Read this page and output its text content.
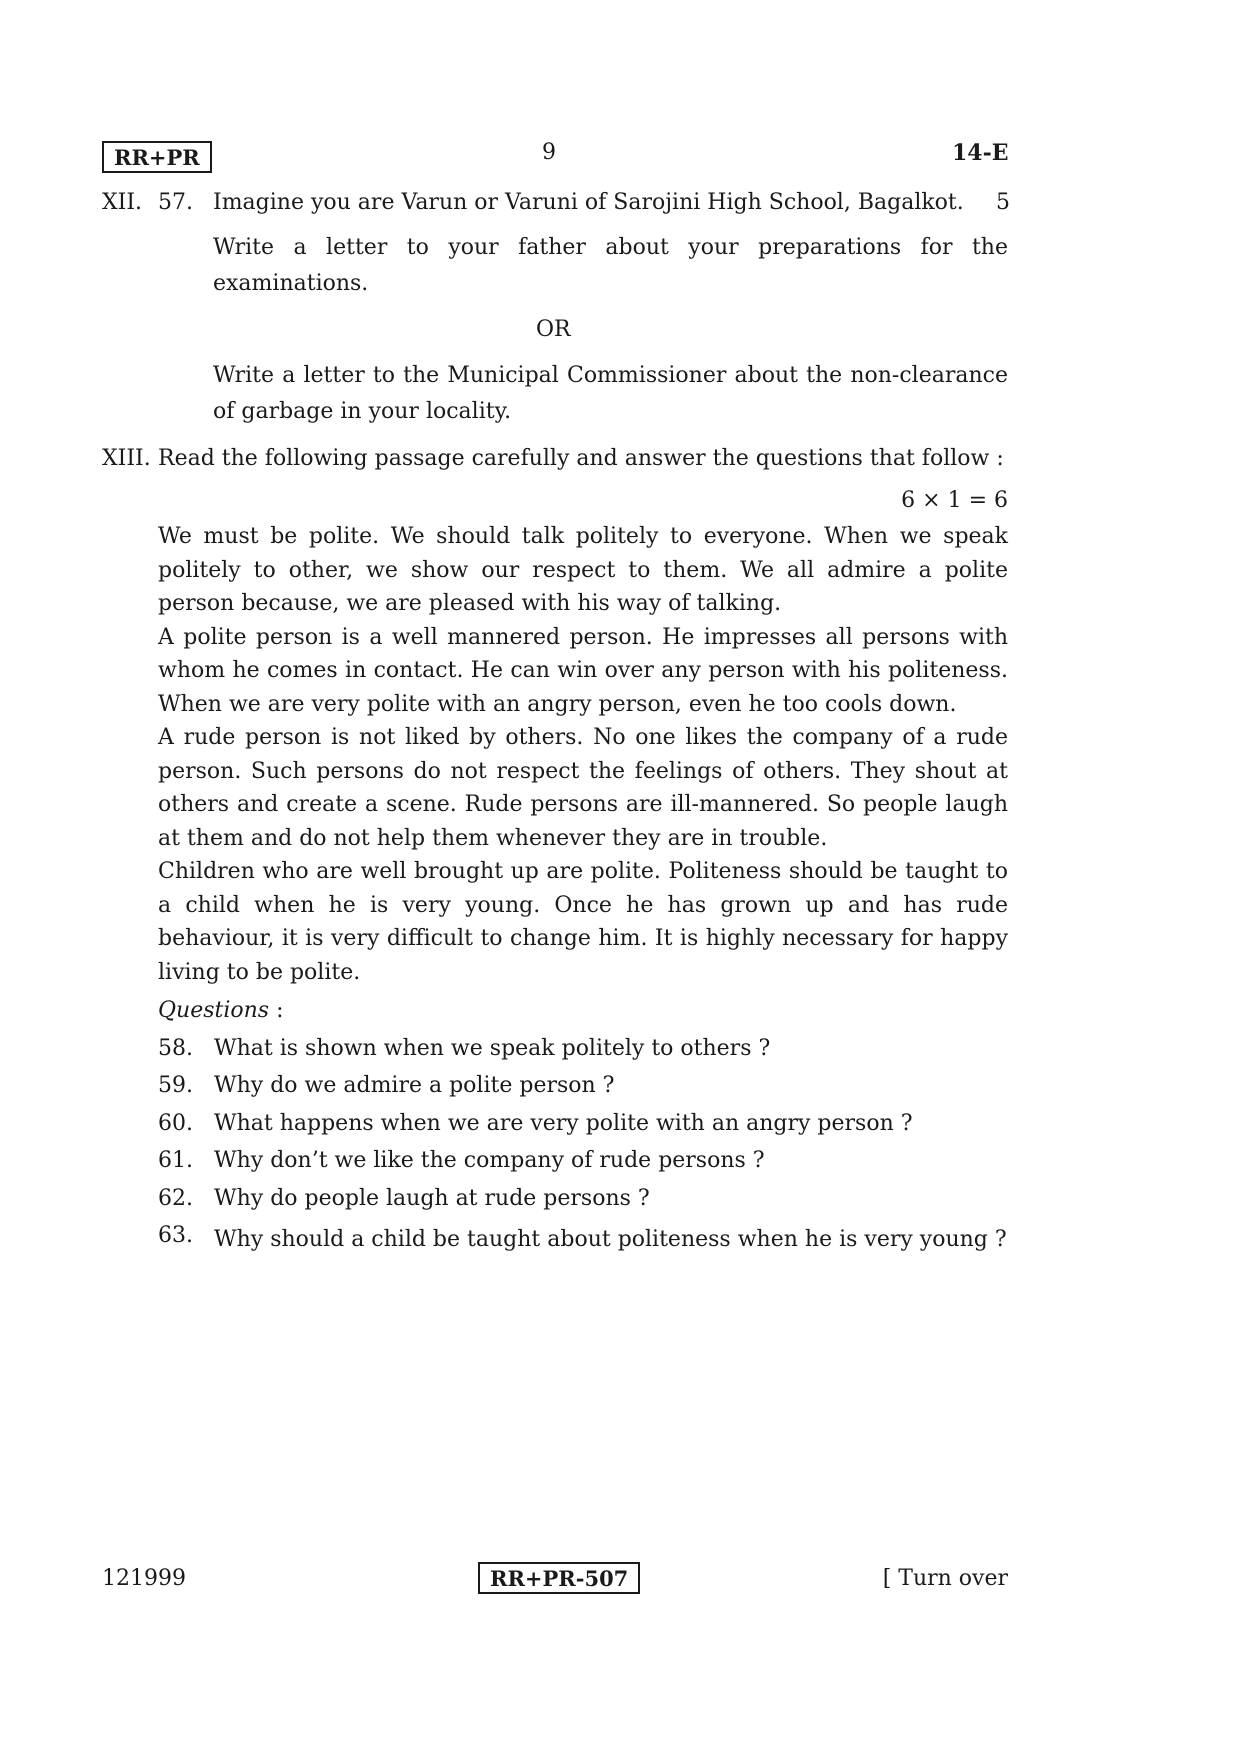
RR+PR	9	14-E
XII. 57. Imagine you are Varun or Varuni of Sarojini High School, Bagalkot. 5
Write a letter to your father about your preparations for the
examinations.
OR
Write a letter to the Municipal Commissioner about the non-clearance
of garbage in your locality.
XIII. Read the following passage carefully and answer the questions that follow :
6 × 1 = 6
We must be polite. We should talk politely to everyone. When we speak politely to other, we show our respect to them. We all admire a polite person because, we are pleased with his way of talking.
A polite person is a well mannered person. He impresses all persons with whom he comes in contact. He can win over any person with his politeness. When we are very polite with an angry person, even he too cools down.
A rude person is not liked by others. No one likes the company of a rude person. Such persons do not respect the feelings of others. They shout at others and create a scene. Rude persons are ill-mannered. So people laugh at them and do not help them whenever they are in trouble.
Children who are well brought up are polite. Politeness should be taught to a child when he is very young. Once he has grown up and has rude behaviour, it is very difficult to change him. It is highly necessary for happy living to be polite.
Questions :
58. What is shown when we speak politely to others ?
59. Why do we admire a polite person ?
60. What happens when we are very polite with an angry person ?
61. Why don’t we like the company of rude persons ?
62. Why do people laugh at rude persons ?
63. Why should a child be taught about politeness when he is very young ?
121999	RR+PR-507	[ Turn over
